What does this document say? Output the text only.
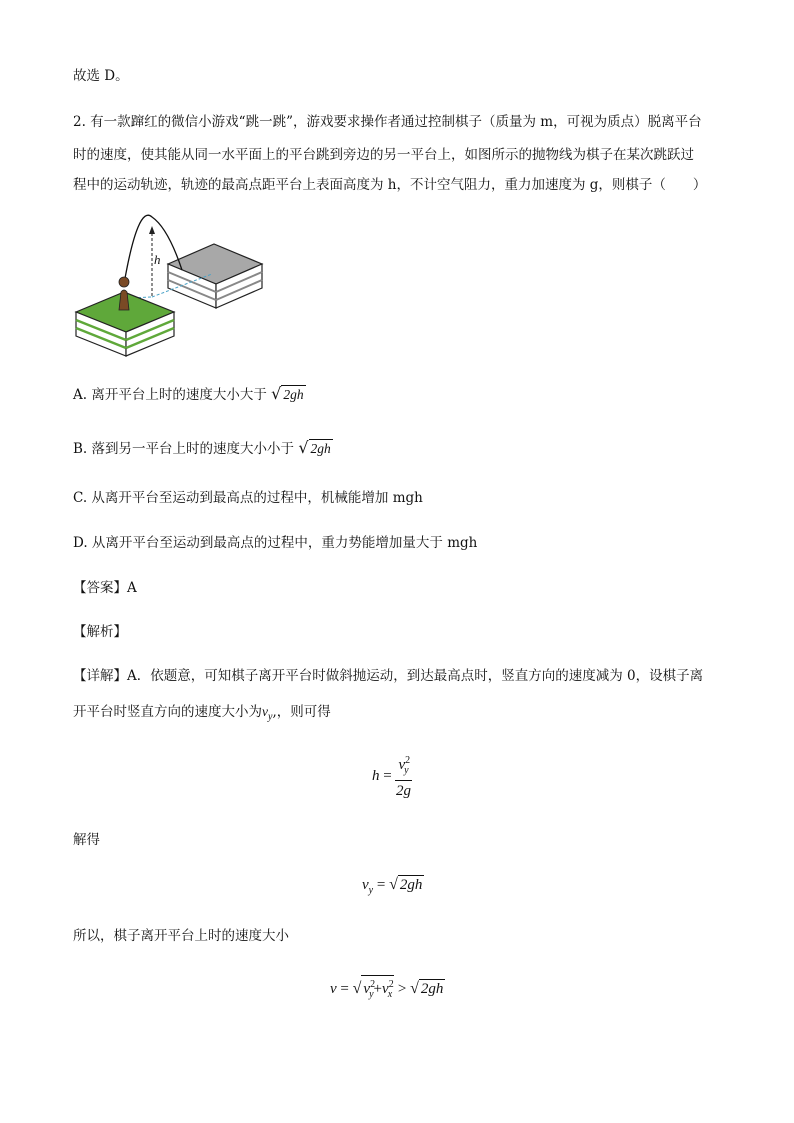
故选 D。
2. 有一款蹿红的微信小游戏“跳一跳”，游戏要求操作者通过控制棋子（质量为 m，可视为质点）脱离平台
时的速度，使其能从同一水平面上的平台跳到旁边的另一平台上，如图所示的抛物线为棋子在某次跳跃过
程中的运动轨迹，轨迹的最高点距平台上表面高度为 h，不计空气阻力，重力加速度为 g，则棋子（　　）
h
A. 离开平台上时的速度大小大于 √ 2gh
B. 落到另一平台上时的速度大小小于 √ 2gh
C. 从离开平台至运动到最高点的过程中，机械能增加 mgh
D. 从离开平台至运动到最高点的过程中，重力势能增加量大于 mgh
【答案】A
【解析】
【详解】A．依题意，可知棋子离开平台时做斜抛运动，到达最高点时，竖直方向的速度减为 0，设棋子离
开平台时竖直方向的速度大小为$v_y$,，则可得
$h = \frac{v^2_y}{2g}$
解得
$v_y$ = √ 2gh
所以，棋子离开平台上时的速度大小
v = √ $v^2_y+v^2_x$ > √ 2gh
